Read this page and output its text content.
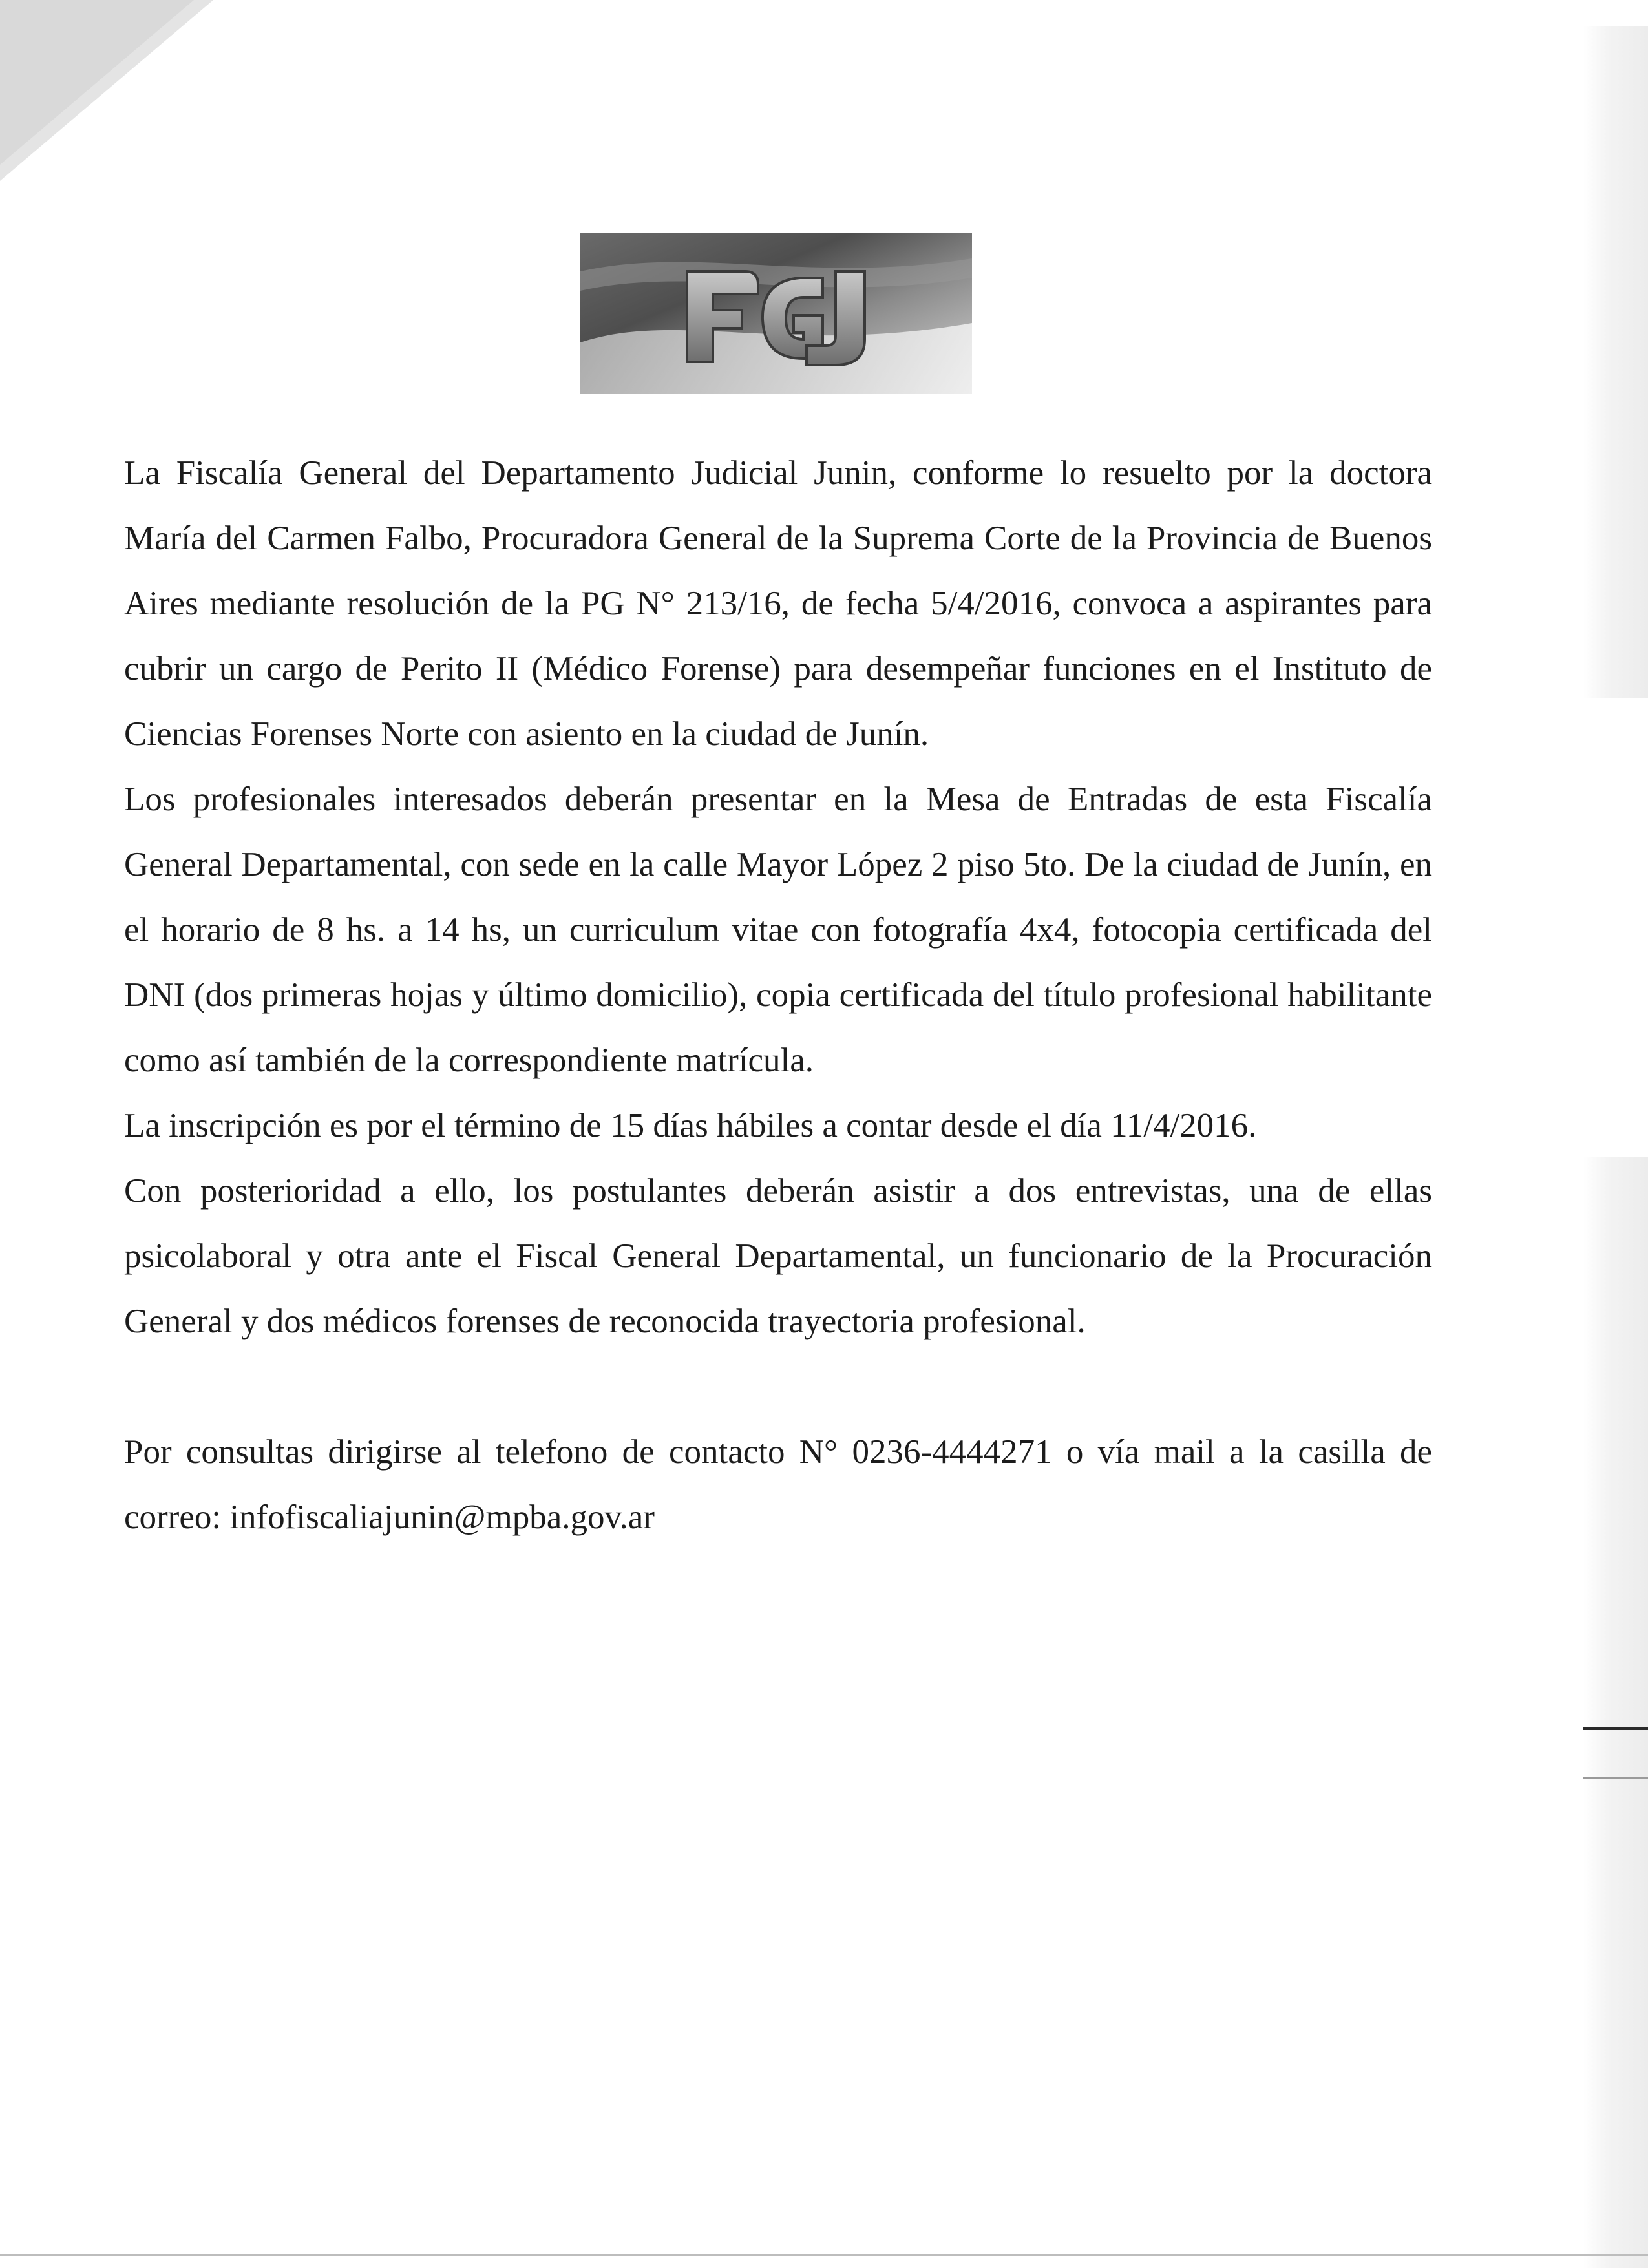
La Fiscalía General del Departamento Judicial Junin, conforme lo resuelto por la doctora María del Carmen Falbo, Procuradora General de la Suprema Corte de la Provincia de Buenos Aires mediante resolución de la PG N° 213/16, de fecha 5/4/2016, convoca a aspirantes para cubrir un cargo de Perito II (Médico Forense) para desempeñar funciones en el Instituto de Ciencias Forenses Norte con asiento en la ciudad de Junín.

Los profesionales interesados deberán presentar en la Mesa de Entradas de esta Fiscalía General Departamental, con sede en la calle Mayor López 2 piso 5to. De la ciudad de Junín, en el horario de 8 hs. a 14 hs, un curriculum vitae con fotografía 4x4, fotocopia certificada del DNI (dos primeras hojas y último domicilio), copia certificada del título profesional habilitante como así también de la correspondiente matrícula.

La inscripción es por el término de 15 días hábiles a contar desde el día 11/4/2016.

Con posterioridad a ello, los postulantes deberán asistir a dos entrevistas, una de ellas psicolaboral y otra ante el Fiscal General Departamental, un funcionario de la Procuración General y dos médicos forenses de reconocida trayectoria profesional.

Por consultas dirigirse al telefono de contacto N° 0236-4444271 o vía mail a la casilla de correo: infofiscaliajunin@mpba.gov.ar
